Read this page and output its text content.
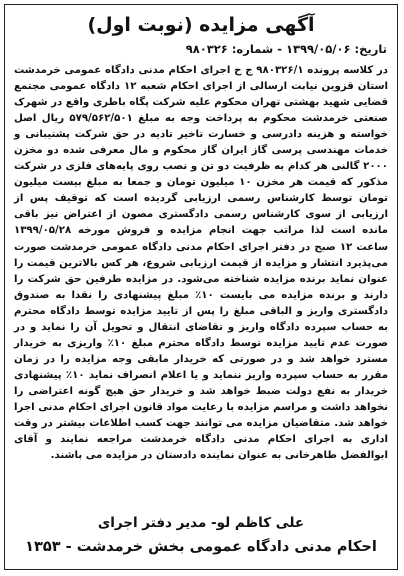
آگهی مزایده (نوبت اول)
تاریخ: ۱۳۹۹/۰۵/۰۶ - شماره: ۹۸۰۳۲۶

در کلاسه پرونده ۹۸۰۳۲۶/۱ ج ح اجرای احکام مدنی دادگاه عمومی خرمدشت استان قزوین نیابت ارسالی از اجرای احکام شعبه ۱۲ دادگاه عمومی مجتمع قضایی شهید بهشتی تهران محکوم علیه شرکت پگاه باطری واقع در شهرک صنعتی خرمدشت محکوم به پرداخت وجه به مبلغ ۵۷۹/۵۶۲/۵۰۱ ریال اصل خواسته و هزینه دادرسی و خسارت تاخیر تادیه در حق شرکت پشتیبانی و خدمات مهندسی پرسی گاز ایران گاز محکوم و مال معرفی شده دو مخزن ۲۰۰۰ گالنی هر کدام به ظرفیت دو تن و نصب روی پایه‌های فلزی در شرکت مذکور که قیمت هر مخزن ۱۰ میلیون تومان و جمعا به مبلغ بیست میلیون تومان توسط کارشناس رسمی ارزیابی گردیده است که توقیف پس از ارزیابی از سوی کارشناس رسمی دادگستری مصون از اعتراض نیز باقی مانده است لذا مراتب جهت انجام مزایده و فروش مورخه ۱۳۹۹/۰۵/۲۸ ساعت ۱۲ صبح در دفتر اجرای احکام مدنی دادگاه عمومی خرمدشت صورت می‌پذیرد انتشار و مزایده از قیمت ارزیابی شروع، هر کس بالاترین قیمت را عنوان نماید برنده مزایده شناخته می‌شود. در مزایده طرفین حق شرکت را دارند و برنده مزایده می بایست ۱۰٪ مبلغ پیشنهادی را نقدا به صندوق دادگستری واریز و الباقی مبلغ را پس از تایید مزایده توسط دادگاه محترم به حساب سپرده دادگاه واریز و تقاضای انتقال و تحویل آن را نماید و در صورت عدم تایید مزایده توسط دادگاه محترم مبلغ ۱۰٪ واریزی به خریدار مسترد خواهد شد و در صورتی که خریدار مابقی وجه مزایده را در زمان مقرر به حساب سپرده واریز ننماید و یا اعلام انصراف نماید ۱۰٪ پیشنهادی خریدار به نفع دولت ضبط خواهد شد و خریدار حق هیچ گونه اعتراضی را نخواهد داشت و مراسم مزایده با رعایت مواد قانون اجرای احکام مدنی اجرا خواهد شد. متقاضیان مزایده می توانند جهت کسب اطلاعات بیشتر در وقت اداری به اجرای احکام مدنی دادگاه خرمدشت مراجعه نمایند و آقای ابوالفضل طاهرخانی به عنوان نماینده دادستان در مزایده می باشند.

علی کاظم لو- مدیر دفتر اجرای
احکام مدنی دادگاه عمومی بخش خرمدشت - ۱۳۵۳
